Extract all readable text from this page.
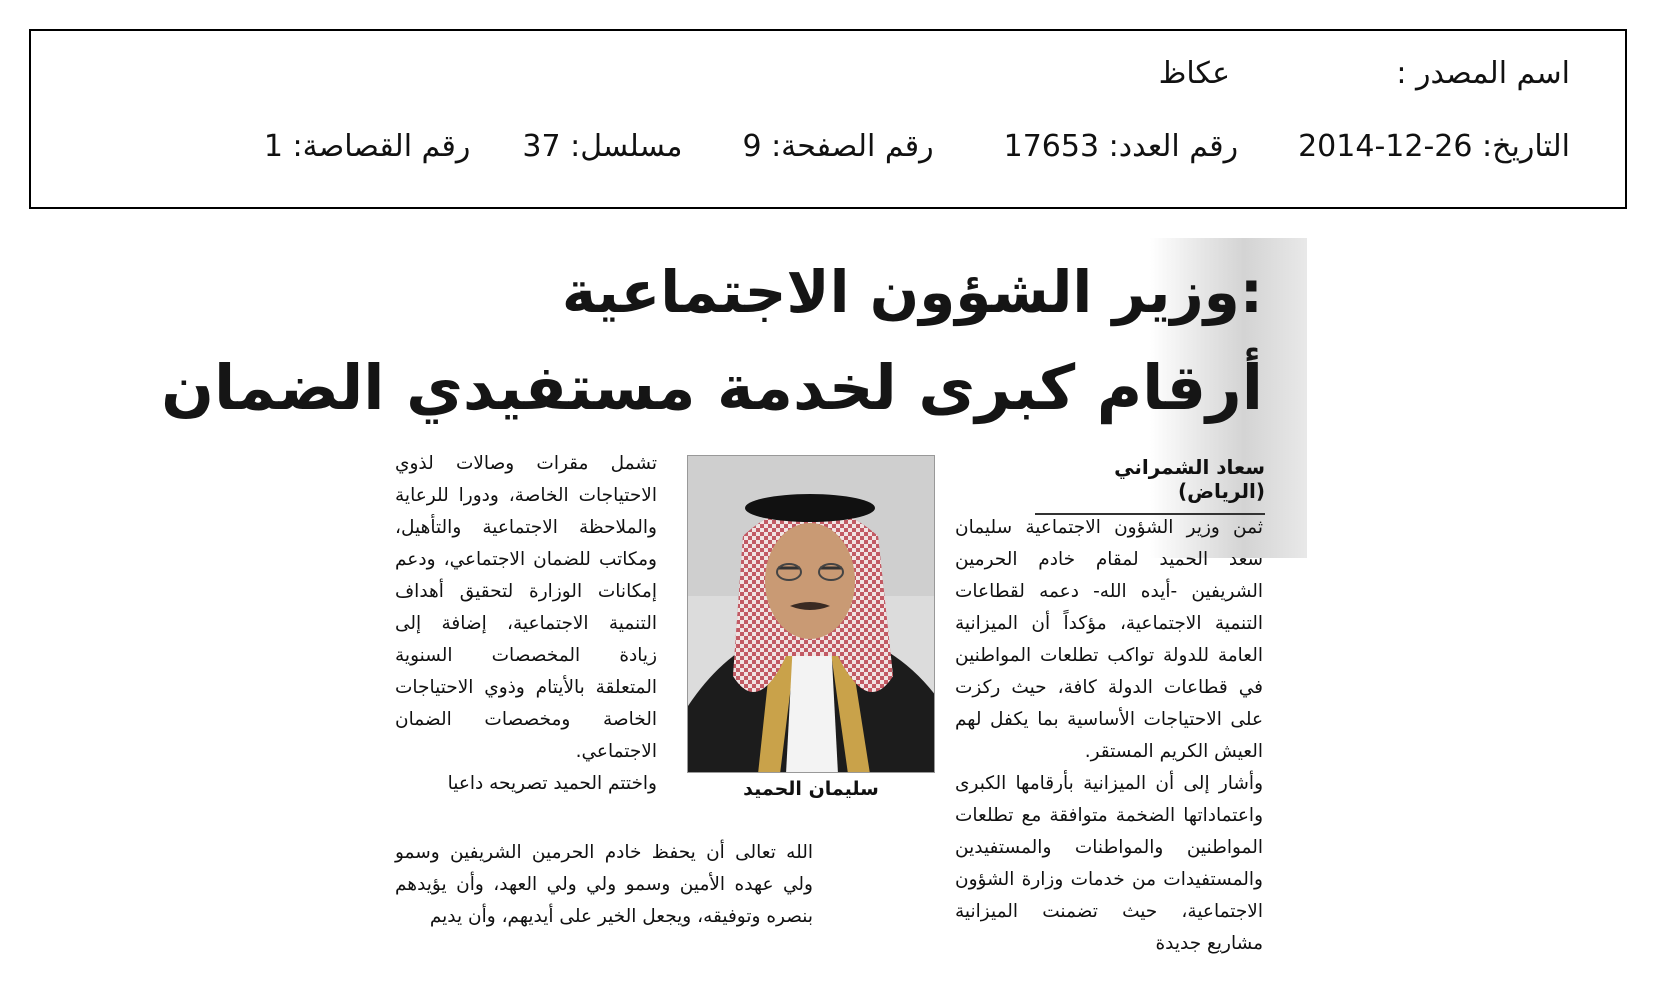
اسم المصدر :
عكاظ
التاريخ: 26-12-2014
رقم العدد: 17653
رقم الصفحة: 9
مسلسل: 37
رقم القصاصة: 1
وزير الشؤون الاجتماعية:
أرقام كبرى لخدمة مستفيدي الضمان
سعاد الشمراني (الرياض)

ثمن وزير الشؤون الاجتماعية سليمان سعد الحميد لمقام خادم الحرمين الشريفين -أيده الله- دعمه لقطاعات التنمية الاجتماعية، مؤكداً أن الميزانية العامة للدولة تواكب تطلعات المواطنين في قطاعات الدولة كافة، حيث ركزت على الاحتياجات الأساسية بما يكفل لهم العيش الكريم المستقر.

وأشار إلى أن الميزانية بأرقامها الكبرى واعتماداتها الضخمة متوافقة مع تطلعات المواطنين والمواطنات والمستفيدين والمستفيدات من خدمات وزارة الشؤون الاجتماعية، حيث تضمنت الميزانية مشاريع جديدة

سليمان الحميد

تشمل مقرات وصالات لذوي الاحتياجات الخاصة، ودورا للرعاية والملاحظة الاجتماعية والتأهيل، ومكاتب للضمان الاجتماعي، ودعم إمكانات الوزارة لتحقيق أهداف التنمية الاجتماعية، إضافة إلى زيادة المخصصات السنوية المتعلقة بالأيتام وذوي الاحتياجات الخاصة ومخصصات الضمان الاجتماعي.

واختتم الحميد تصريحه داعيا

الله تعالى أن يحفظ خادم الحرمين الشريفين وسمو ولي عهده الأمين وسمو ولي ولي العهد، وأن يؤيدهم بنصره وتوفيقه، ويجعل الخير على أيديهم، وأن يديم
